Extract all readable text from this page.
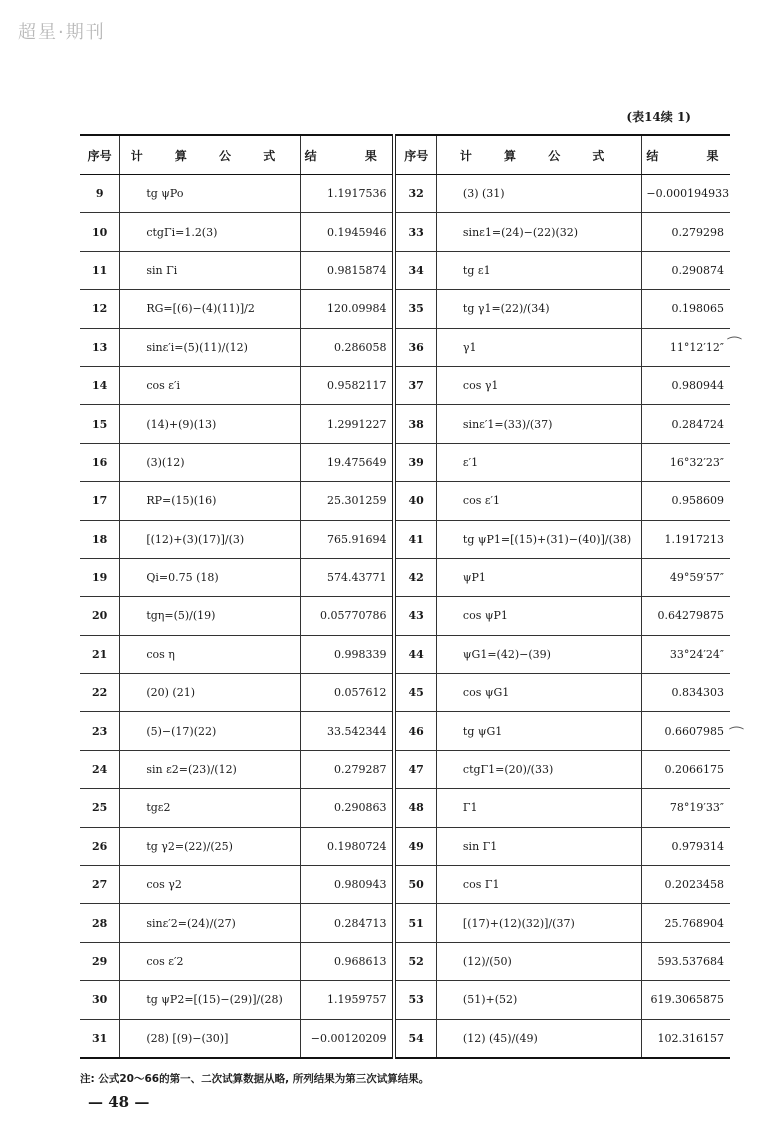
超星·期刊
(表14续 1)
序号	计 算 公 式	结 果	序号	计 算 公 式	结 果
9	tg ψPo	1.1917536	32	(3) (31)	−0.000194933
10	ctgΓi=1.2(3)	0.1945946	33	sinε1=(24)−(22)(32)	0.279298
11	sin Γi	0.9815874	34	tg ε1	0.290874
12	RG=[(6)−(4)(11)]/2	120.09984	35	tg γ1=(22)/(34)	0.198065
13	sinε′i=(5)(11)/(12)	0.286058	36	γ1	11°12′12″
14	cos ε′i	0.9582117	37	cos γ1	0.980944
15	(14)+(9)(13)	1.2991227	38	sinε′1=(33)/(37)	0.284724
16	(3)(12)	19.475649	39	ε′1	16°32′23″
17	RP=(15)(16)	25.301259	40	cos ε′1	0.958609
18	[(12)+(3)(17)]/(3)	765.91694	41	tg ψP1=[(15)+(31)−(40)]/(38)	1.1917213
19	Qi=0.75 (18)	574.43771	42	ψP1	49°59′57″
20	tgη=(5)/(19)	0.05770786	43	cos ψP1	0.64279875
21	cos η	0.998339	44	ψG1=(42)−(39)	33°24′24″
22	(20) (21)	0.057612	45	cos ψG1	0.834303
23	(5)−(17)(22)	33.542344	46	tg ψG1	0.6607985
24	sin ε2=(23)/(12)	0.279287	47	ctgΓ1=(20)/(33)	0.2066175
25	tgε2	0.290863	48	Γ1	78°19′33″
26	tg γ2=(22)/(25)	0.1980724	49	sin Γ1	0.979314
27	cos γ2	0.980943	50	cos Γ1	0.2023458
28	sinε′2=(24)/(27)	0.284713	51	[(17)+(12)(32)]/(37)	25.768904
29	cos ε′2	0.968613	52	(12)/(50)	593.537684
30	tg ψP2=[(15)−(29)]/(28)	1.1959757	53	(51)+(52)	619.3065875
31	(28) [(9)−(30)]	−0.00120209	54	(12) (45)/(49)	102.316157
注: 公式20～66的第一、二次试算数据从略, 所列结果为第三次试算结果。
— 48 —
⁀
⁀
